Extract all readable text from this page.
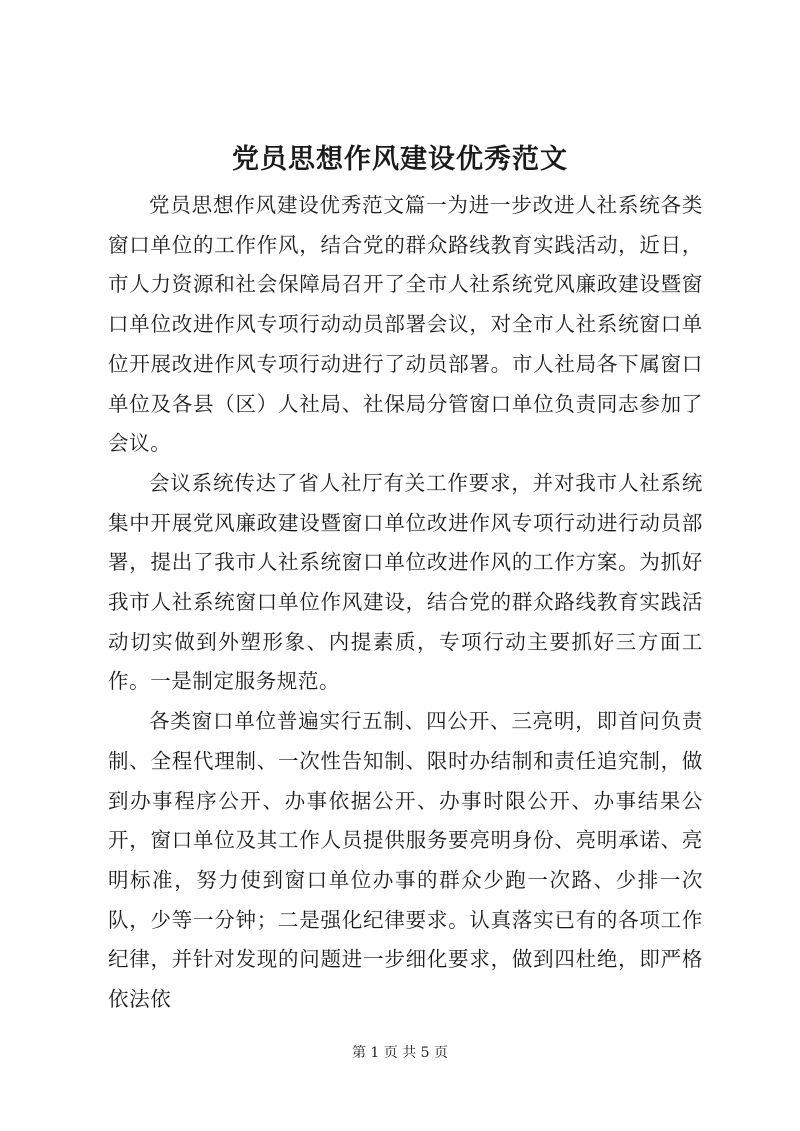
党员思想作风建设优秀范文

党员思想作风建设优秀范文篇一为进一步改进人社系统各类窗口单位的工作作风，结合党的群众路线教育实践活动，近日，市人力资源和社会保障局召开了全市人社系统党风廉政建设暨窗口单位改进作风专项行动动员部署会议，对全市人社系统窗口单位开展改进作风专项行动进行了动员部署。市人社局各下属窗口单位及各县（区）人社局、社保局分管窗口单位负责同志参加了会议。

会议系统传达了省人社厅有关工作要求，并对我市人社系统集中开展党风廉政建设暨窗口单位改进作风专项行动进行动员部署，提出了我市人社系统窗口单位改进作风的工作方案。为抓好我市人社系统窗口单位作风建设，结合党的群众路线教育实践活动切实做到外塑形象、内提素质，专项行动主要抓好三方面工作。一是制定服务规范。

各类窗口单位普遍实行五制、四公开、三亮明，即首问负责制、全程代理制、一次性告知制、限时办结制和责任追究制，做到办事程序公开、办事依据公开、办事时限公开、办事结果公开，窗口单位及其工作人员提供服务要亮明身份、亮明承诺、亮明标准，努力使到窗口单位办事的群众少跑一次路、少排一次队，少等一分钟；二是强化纪律要求。认真落实已有的各项工作纪律，并针对发现的问题进一步细化要求，做到四杜绝，即严格依法依

第 1 页 共 5 页
